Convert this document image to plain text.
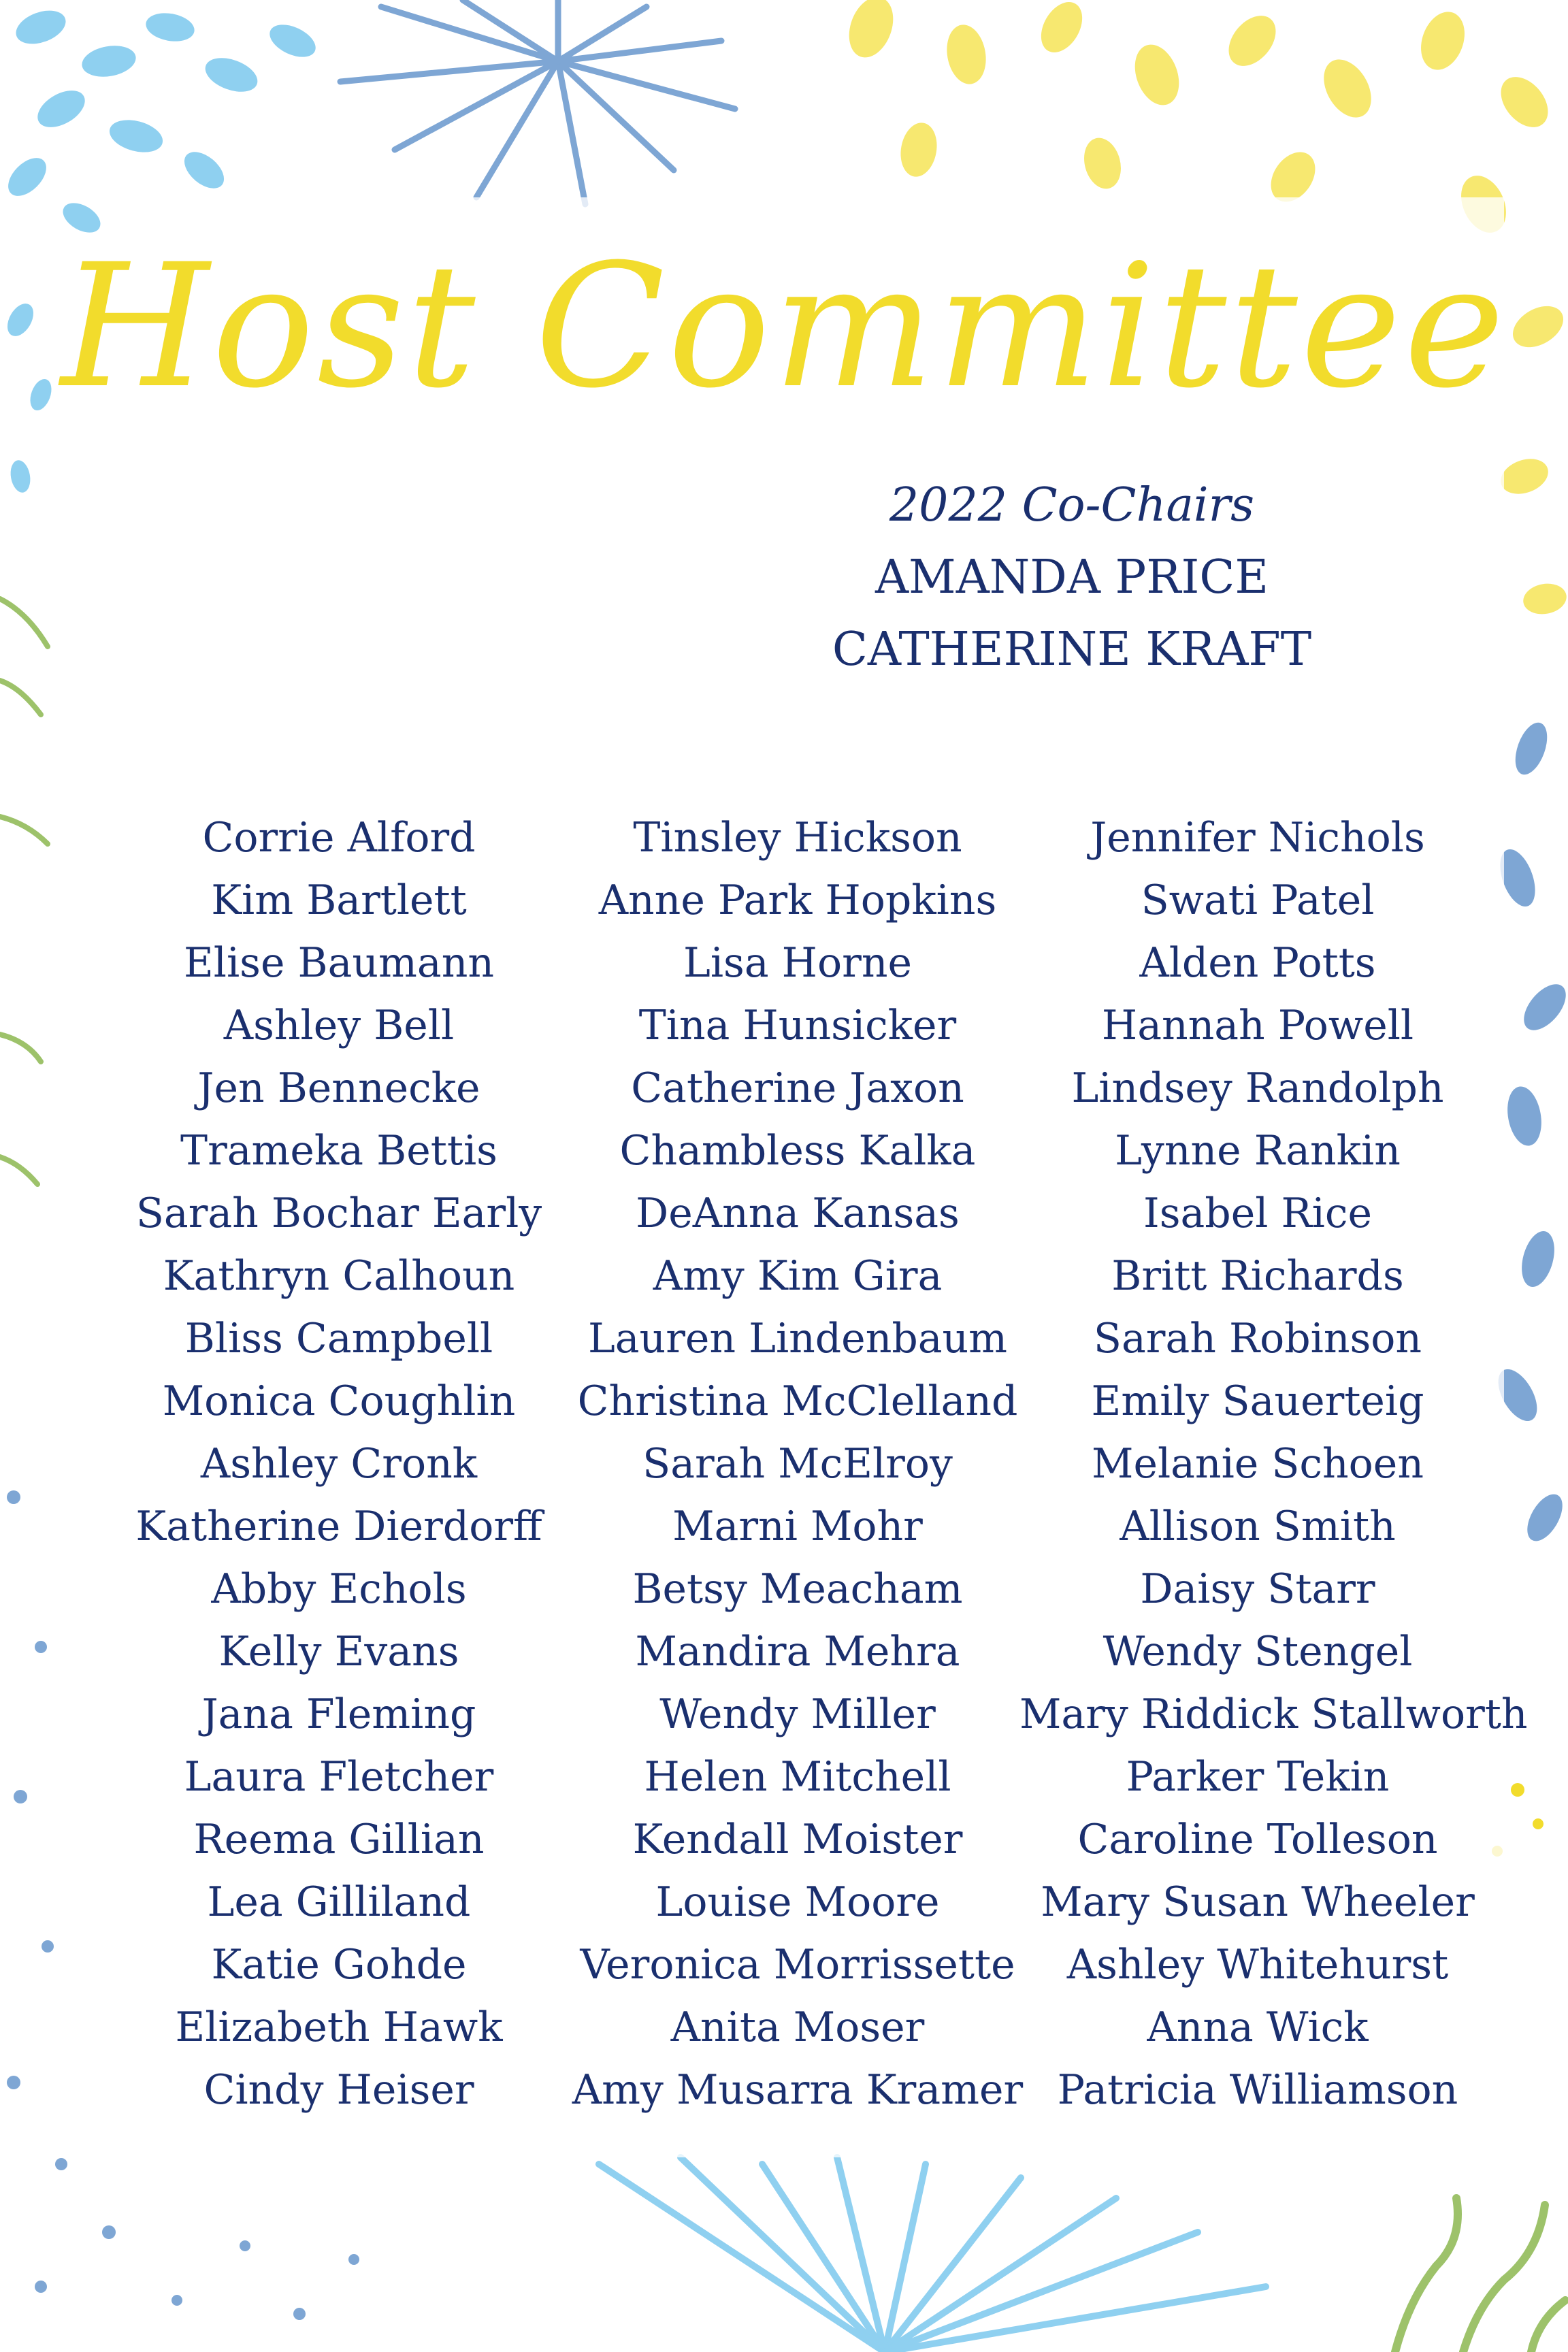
Host Committee
2022 Co-Chairs
AMANDA PRICE
CATHERINE KRAFT
Corrie Alford
Kim Bartlett
Elise Baumann
Ashley Bell
Jen Bennecke
Trameka Bettis
Sarah Bochar Early
Kathryn Calhoun
Bliss Campbell
Monica Coughlin
Ashley Cronk
Katherine Dierdorff
Abby Echols
Kelly Evans
Jana Fleming
Laura Fletcher
Reema Gillian
Lea Gilliland
Katie Gohde
Elizabeth Hawk
Cindy Heiser
Tinsley Hickson
Anne Park Hopkins
Lisa Horne
Tina Hunsicker
Catherine Jaxon
Chambless Kalka
DeAnna Kansas
Amy Kim Gira
Lauren Lindenbaum
Christina McClelland
Sarah McElroy
Marni Mohr
Betsy Meacham
Mandira Mehra
Wendy Miller
Helen Mitchell
Kendall Moister
Louise Moore
Veronica Morrissette
Anita Moser
Amy Musarra Kramer
Jennifer Nichols
Swati Patel
Alden Potts
Hannah Powell
Lindsey Randolph
Lynne Rankin
Isabel Rice
Britt Richards
Sarah Robinson
Emily Sauerteig
Melanie Schoen
Allison Smith
Daisy Starr
Wendy Stengel
Mary Riddick Stallworth
Parker Tekin
Caroline Tolleson
Mary Susan Wheeler
Ashley Whitehurst
Anna Wick
Patricia Williamson
